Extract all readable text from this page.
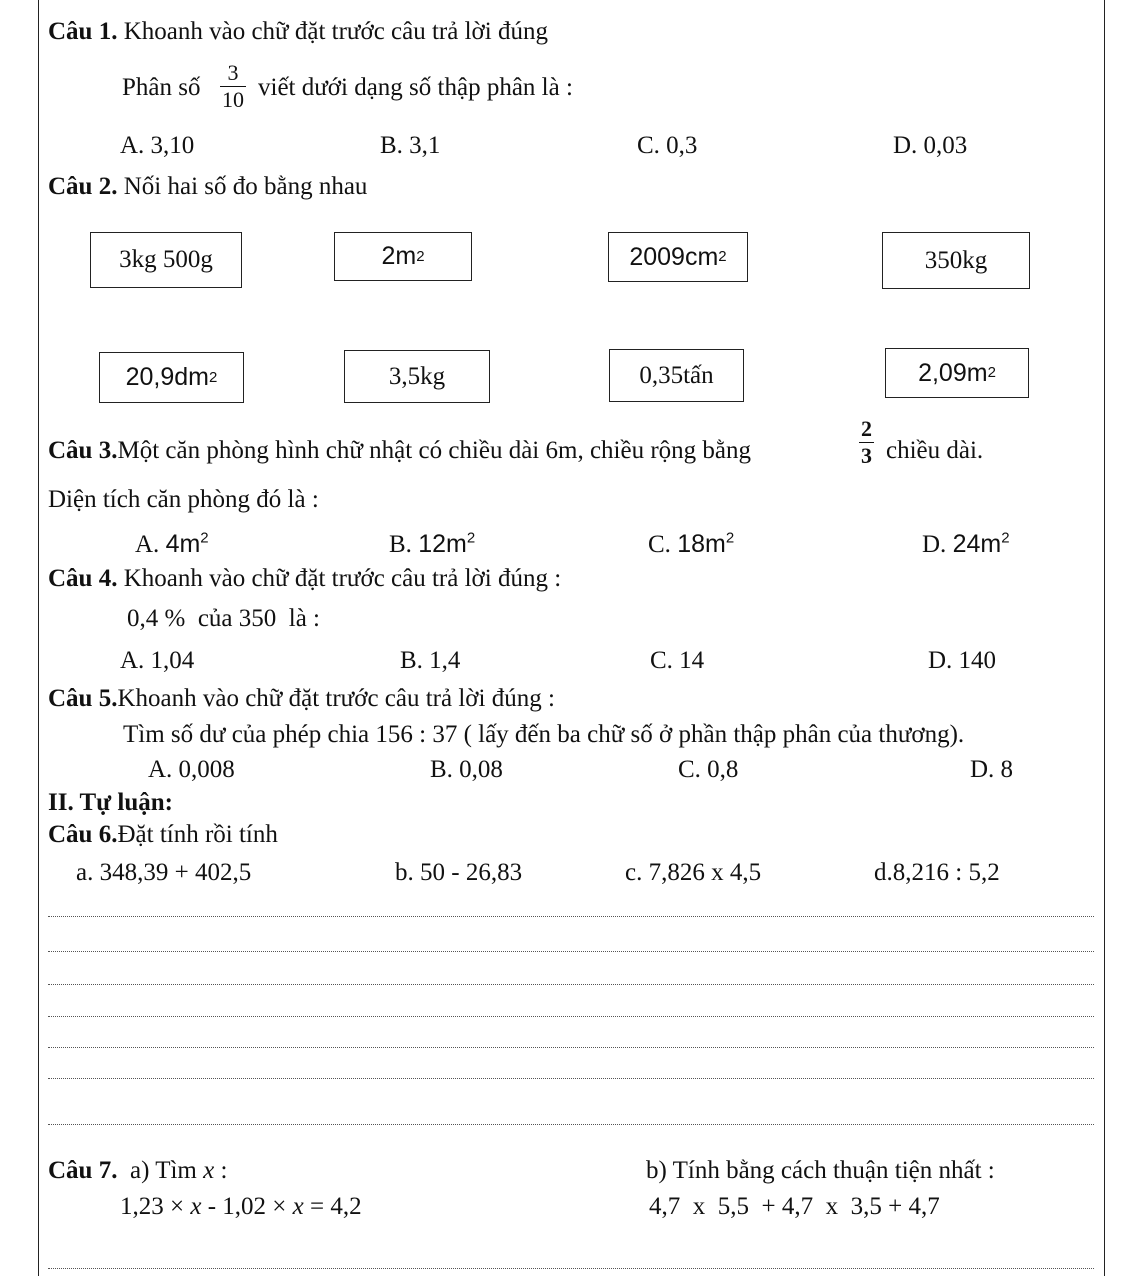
Câu 1. Khoanh vào chữ đặt trước câu trả lời đúng
Phân số
3
10 viết dưới dạng số thập phân là :
A. 3,10	B. 3,1	C. 0,3	D. 0,03
Câu 2. Nối hai số đo bằng nhau
3kg 500g	2m 2	2009cm 2	350kg
20,9dm 2	3,5kg	0,35tấn	2,09m 2
Câu 3.Một căn phòng hình chữ nhật có chiều dài 6m, chiều rộng bằng
2
3 chiều dài.
Diện tích căn phòng đó là :
A. $4m^2$	B. $12m^2$	C. $18m^2$	D. $24m^2$
Câu 4. Khoanh vào chữ đặt trước câu trả lời đúng :
0,4 %  của 350  là :
A. 1,04	B. 1,4	C. 14	D. 140
Câu 5.Khoanh vào chữ đặt trước câu trả lời đúng :
Tìm số dư của phép chia 156 : 37 ( lấy đến ba chữ số ở phần thập phân của thương).
A. 0,008	B. 0,08	C. 0,8	D. 8
II. Tự luận:
Câu 6.Đặt tính rồi tính
a. 348,39 + 402,5	b. 50 - 26,83	c. 7,826 x 4,5	d.8,216 : 5,2
Câu 7. a) Tìm x :	b) Tính bằng cách thuận tiện nhất :
1,23 × x - 1,02 × x = 4,2	4,7  x  5,5  + 4,7  x  3,5 + 4,7
